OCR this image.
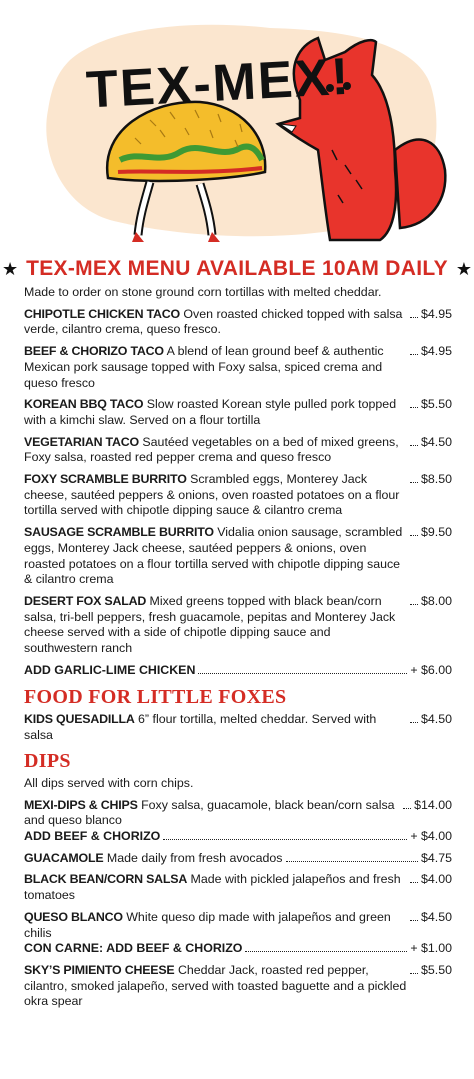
TEX-MEX!
★ TEX-MEX MENU AVAILABLE 10AM DAILY ★

Made to order on stone ground corn tortillas with melted cheddar.

CHIPOTLE CHICKEN TACO Oven roasted chicked topped with salsa verde, cilantro crema, queso fresco.
$4.95
BEEF & CHORIZO TACO A blend of lean ground beef & authentic Mexican pork sausage topped with Foxy salsa, spiced crema and queso fresco
$4.95
KOREAN BBQ TACO Slow roasted Korean style pulled pork topped with a kimchi slaw. Served on a flour tortilla
$5.50
VEGETARIAN TACO Sautéed vegetables on a bed of mixed greens, Foxy salsa, roasted red pepper crema and queso fresco
$4.50
FOXY SCRAMBLE BURRITO Scrambled eggs, Monterey Jack cheese, sautéed peppers & onions, oven roasted potatoes on a flour tortilla served with chipotle dipping sauce & cilantro crema
$8.50
SAUSAGE SCRAMBLE BURRITO Vidalia onion sausage, scrambled eggs, Monterey Jack cheese, sautéed peppers & onions, oven roasted potatoes on a flour tortilla served with chipotle dipping sauce & cilantro crema
$9.50
DESERT FOX SALAD Mixed greens topped with black bean/corn salsa, tri-bell peppers, fresh guacamole, pepitas and Monterey Jack cheese served with a side of chipotle dipping sauce and southwestern ranch
$8.00
ADD GARLIC-LIME CHICKEN	+ $6.00
FOOD FOR LITTLE FOXES
KIDS QUESADILLA 6” flour tortilla, melted cheddar. Served with salsa
$4.50
DIPS

All dips served with corn chips.

MEXI-DIPS & CHIPS Foxy salsa, guacamole, black bean/corn salsa and queso blanco
$14.00
ADD BEEF & CHORIZO	+ $4.00
GUACAMOLE Made daily from fresh avocados	$4.75
BLACK BEAN/CORN SALSA Made with pickled jalapeños and fresh tomatoes
$4.00
QUESO BLANCO White queso dip made with jalapeños and green chilis
$4.50
CON CARNE: ADD BEEF & CHORIZO	+ $1.00
SKY’S PIMIENTO CHEESE Cheddar Jack, roasted red pepper, cilantro, smoked jalapeño, served with toasted baguette and a pickled okra spear
$5.50
